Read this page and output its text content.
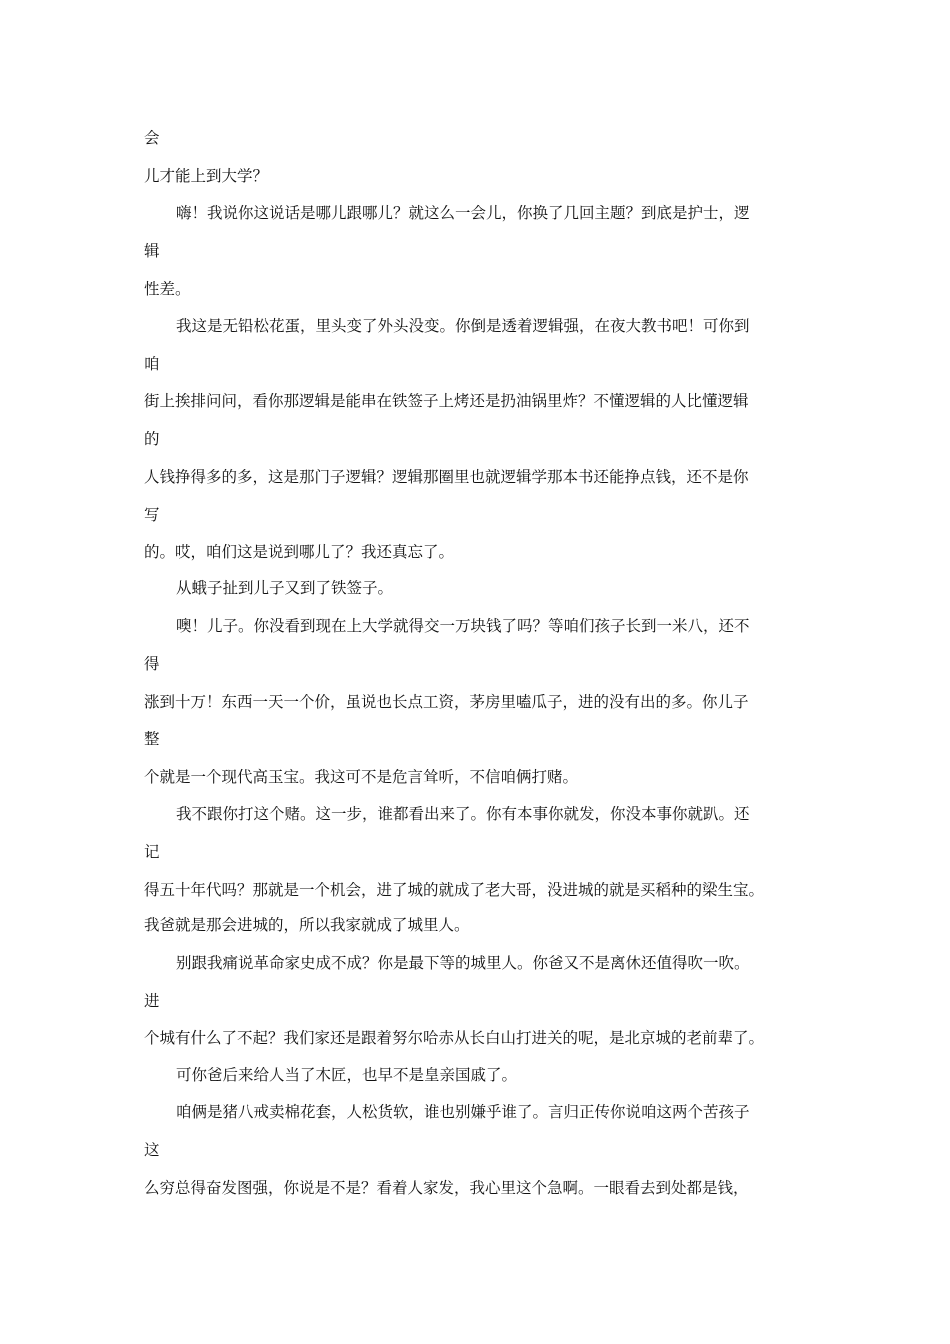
会
儿才能上到大学？
嗨！我说你这说话是哪儿跟哪儿？就这么一会儿，你换了几回主题？到底是护士，逻
辑
性差。
我这是无铅松花蛋，里头变了外头没变。你倒是透着逻辑强，在夜大教书吧！可你到
咱
街上挨排问问，看你那逻辑是能串在铁签子上烤还是扔油锅里炸？不懂逻辑的人比懂逻辑
的
人钱挣得多的多，这是那门子逻辑？逻辑那圈里也就逻辑学那本书还能挣点钱，还不是你
写
的。哎，咱们这是说到哪儿了？我还真忘了。
从蛾子扯到儿子又到了铁签子。
噢！儿子。你没看到现在上大学就得交一万块钱了吗？等咱们孩子长到一米八，还不
得
涨到十万！东西一天一个价，虽说也长点工资，茅房里嗑瓜子，进的没有出的多。你儿子
整
个就是一个现代高玉宝。我这可不是危言耸听，不信咱俩打赌。
我不跟你打这个赌。这一步，谁都看出来了。你有本事你就发，你没本事你就趴。还
记
得五十年代吗？那就是一个机会，进了城的就成了老大哥，没进城的就是买稻种的梁生宝。
我爸就是那会进城的，所以我家就成了城里人。
别跟我痛说革命家史成不成？你是最下等的城里人。你爸又不是离休还值得吹一吹。
进
个城有什么了不起？我们家还是跟着努尔哈赤从长白山打进关的呢，是北京城的老前辈了。
可你爸后来给人当了木匠，也早不是皇亲国戚了。
咱俩是猪八戒卖棉花套，人松货软，谁也别嫌乎谁了。言归正传你说咱这两个苦孩子
这
么穷总得奋发图强，你说是不是？看着人家发，我心里这个急啊。一眼看去到处都是钱，
